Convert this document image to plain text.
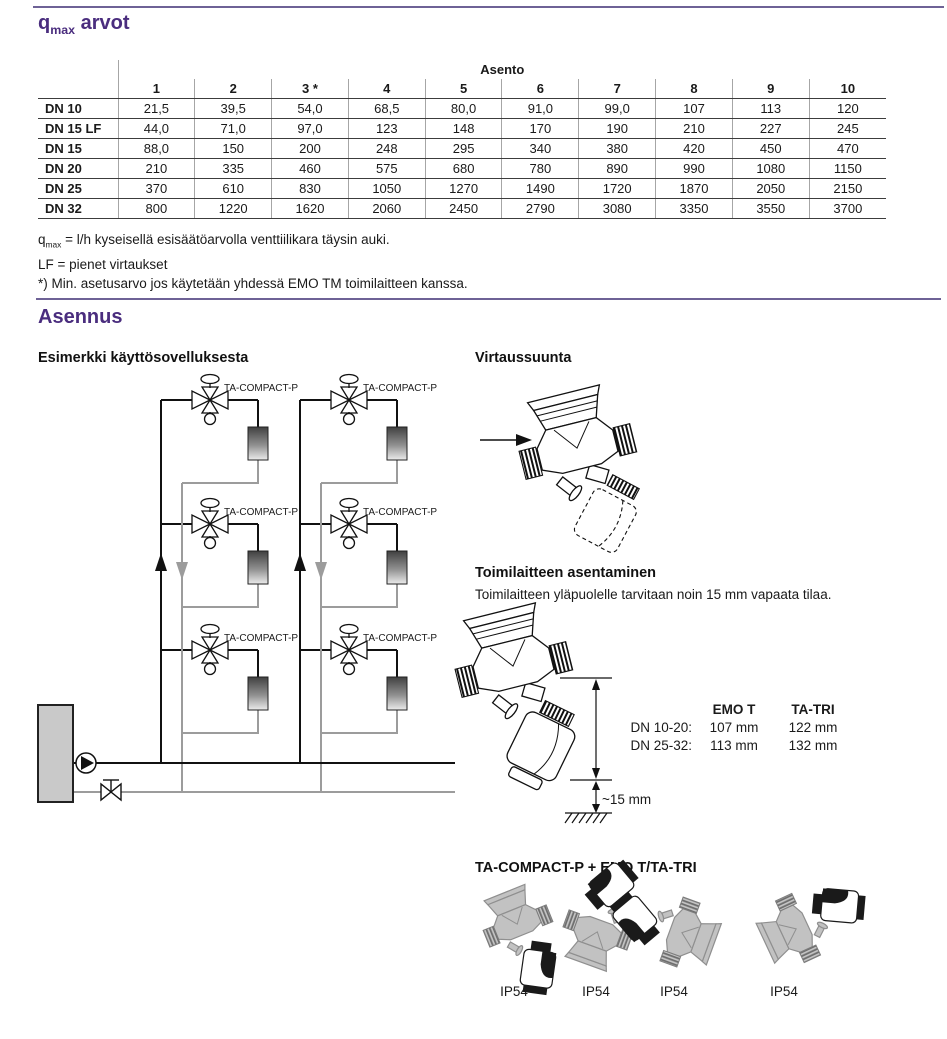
$q_{max}$ arvot
	Asento									
	1	2	3 *	4	5	6	7	8	9	10
DN 10	21,5	39,5	54,0	68,5	80,0	91,0	99,0	107	113	120
DN 15 LF	44,0	71,0	97,0	123	148	170	190	210	227	245
DN 15	88,0	150	200	248	295	340	380	420	450	470
DN 20	210	335	460	575	680	780	890	990	1080	1150
DN 25	370	610	830	1050	1270	1490	1720	1870	2050	2150
DN 32	800	1220	1620	2060	2450	2790	3080	3350	3550	3700
$q_{max} = l/h$ kyseisellä esisäätöarvolla venttiilikara täysin auki.
LF = pienet virtaukset
*) Min. asetusarvo jos käytetään yhdessä EMO TM toimilaitteen kanssa.
Asennus

Esimerkki käyttösovelluksesta	Virtaussuunta

TA-COMPACT-P
TA-COMPACT-P
TA-COMPACT-P

Toimilaitteen asentaminen

Toimilaitteen yläpuolelle tarvitaan noin 15 mm vapaata tilaa.

~15 mm
EMO T	TA-TRI
DN 10-20:	107 mm	122 mm
DN 25-32:	113 mm	132 mm

TA-COMPACT-P + EMO T/TA-TRI

IP54	IP54	IP54	IP54
